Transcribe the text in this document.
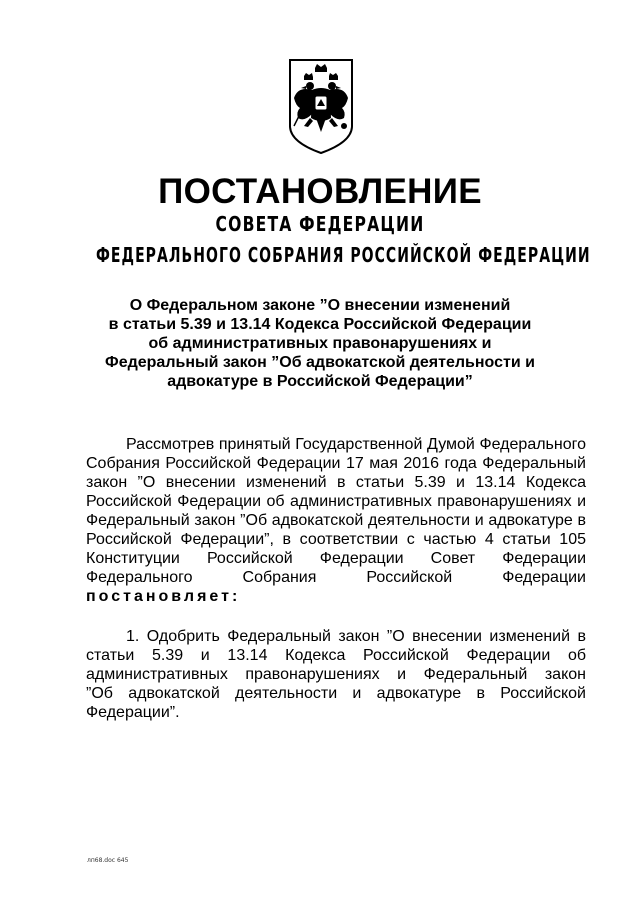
ПОСТАНОВЛЕНИЕ
СОВЕТА ФЕДЕРАЦИИ
ФЕДЕРАЛЬНОГО СОБРАНИЯ РОССИЙСКОЙ ФЕДЕРАЦИИ
О Федеральном законе ”О внесении изменений
в статьи 5.39 и 13.14 Кодекса Российской Федерации
об административных правонарушениях и
Федеральный закон ”Об адвокатской деятельности и
адвокатуре в Российской Федерации”
Рассмотрев принятый Государственной Думой Федерального
Собрания Российской Федерации 17 мая 2016 года Федеральный
закон ”О внесении изменений в статьи 5.39 и 13.14 Кодекса
Российской Федерации об административных правонарушениях и
Федеральный закон ”Об адвокатской деятельности и адвокатуре в
Российской Федерации”, в соответствии с частью 4 статьи 105
Конституции Российской Федерации Совет Федерации
Федерального Собрания Российской Федерации
постановляет:
1. Одобрить Федеральный закон ”О внесении изменений в
статьи 5.39 и 13.14 Кодекса Российской Федерации об
административных правонарушениях и Федеральный закон
”Об адвокатской деятельности и адвокатуре в Российской
Федерации”.
лп68.doc 645
